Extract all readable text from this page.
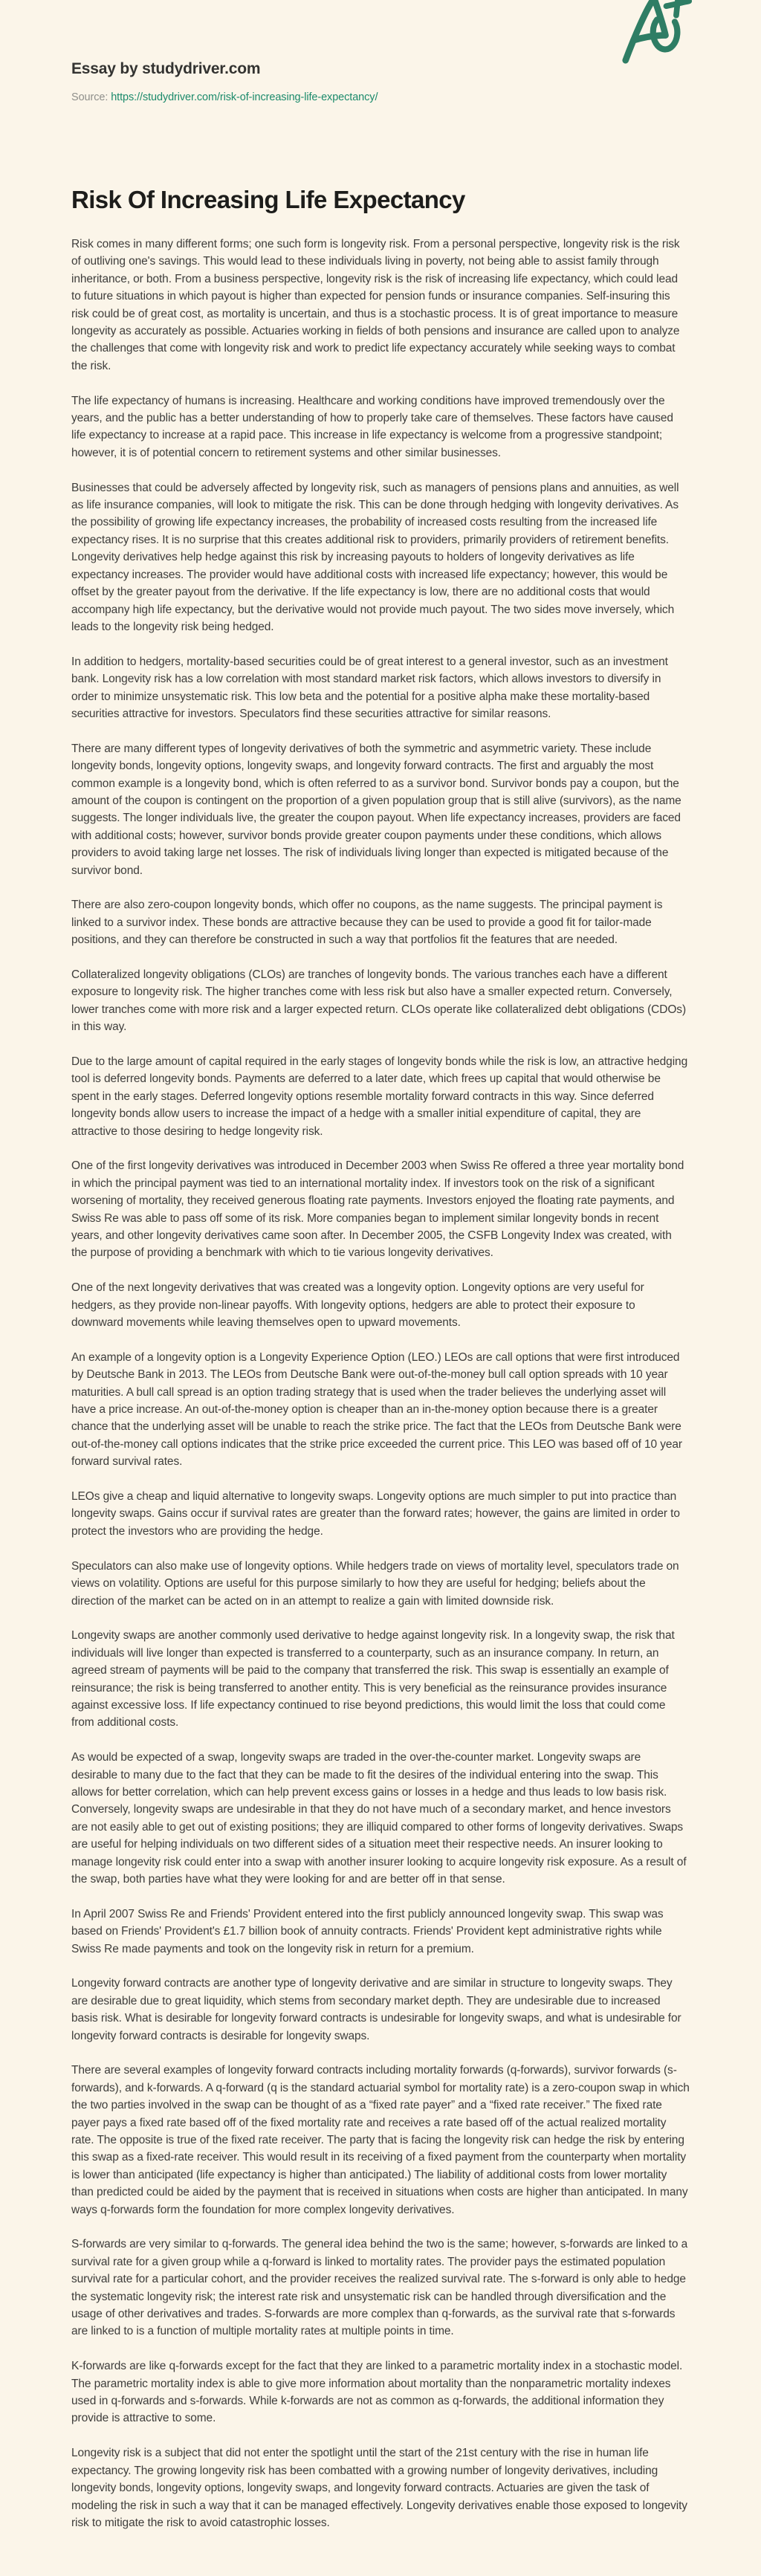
Essay by studydriver.com
Source: https://studydriver.com/risk-of-increasing-life-expectancy/
Risk Of Increasing Life Expectancy

Risk comes in many different forms; one such form is longevity risk. From a personal perspective, longevity risk is the risk of outliving one's savings. This would lead to these individuals living in poverty, not being able to assist family through inheritance, or both. From a business perspective, longevity risk is the risk of increasing life expectancy, which could lead to future situations in which payout is higher than expected for pension funds or insurance companies. Self-insuring this risk could be of great cost, as mortality is uncertain, and thus is a stochastic process. It is of great importance to measure longevity as accurately as possible. Actuaries working in fields of both pensions and insurance are called upon to analyze the challenges that come with longevity risk and work to predict life expectancy accurately while seeking ways to combat the risk.

The life expectancy of humans is increasing. Healthcare and working conditions have improved tremendously over the years, and the public has a better understanding of how to properly take care of themselves. These factors have caused life expectancy to increase at a rapid pace. This increase in life expectancy is welcome from a progressive standpoint; however, it is of potential concern to retirement systems and other similar businesses.

Businesses that could be adversely affected by longevity risk, such as managers of pensions plans and annuities, as well as life insurance companies, will look to mitigate the risk. This can be done through hedging with longevity derivatives. As the possibility of growing life expectancy increases, the probability of increased costs resulting from the increased life expectancy rises. It is no surprise that this creates additional risk to providers, primarily providers of retirement benefits. Longevity derivatives help hedge against this risk by increasing payouts to holders of longevity derivatives as life expectancy increases. The provider would have additional costs with increased life expectancy; however, this would be offset by the greater payout from the derivative. If the life expectancy is low, there are no additional costs that would accompany high life expectancy, but the derivative would not provide much payout. The two sides move inversely, which leads to the longevity risk being hedged.

In addition to hedgers, mortality-based securities could be of great interest to a general investor, such as an investment bank. Longevity risk has a low correlation with most standard market risk factors, which allows investors to diversify in order to minimize unsystematic risk. This low beta and the potential for a positive alpha make these mortality-based securities attractive for investors. Speculators find these securities attractive for similar reasons.

There are many different types of longevity derivatives of both the symmetric and asymmetric variety. These include longevity bonds, longevity options, longevity swaps, and longevity forward contracts. The first and arguably the most common example is a longevity bond, which is often referred to as a survivor bond. Survivor bonds pay a coupon, but the amount of the coupon is contingent on the proportion of a given population group that is still alive (survivors), as the name suggests. The longer individuals live, the greater the coupon payout. When life expectancy increases, providers are faced with additional costs; however, survivor bonds provide greater coupon payments under these conditions, which allows providers to avoid taking large net losses. The risk of individuals living longer than expected is mitigated because of the survivor bond.

There are also zero-coupon longevity bonds, which offer no coupons, as the name suggests. The principal payment is linked to a survivor index. These bonds are attractive because they can be used to provide a good fit for tailor-made positions, and they can therefore be constructed in such a way that portfolios fit the features that are needed.

Collateralized longevity obligations (CLOs) are tranches of longevity bonds. The various tranches each have a different exposure to longevity risk. The higher tranches come with less risk but also have a smaller expected return. Conversely, lower tranches come with more risk and a larger expected return. CLOs operate like collateralized debt obligations (CDOs) in this way.

Due to the large amount of capital required in the early stages of longevity bonds while the risk is low, an attractive hedging tool is deferred longevity bonds. Payments are deferred to a later date, which frees up capital that would otherwise be spent in the early stages. Deferred longevity options resemble mortality forward contracts in this way. Since deferred longevity bonds allow users to increase the impact of a hedge with a smaller initial expenditure of capital, they are attractive to those desiring to hedge longevity risk.

One of the first longevity derivatives was introduced in December 2003 when Swiss Re offered a three year mortality bond in which the principal payment was tied to an international mortality index. If investors took on the risk of a significant worsening of mortality, they received generous floating rate payments. Investors enjoyed the floating rate payments, and Swiss Re was able to pass off some of its risk. More companies began to implement similar longevity bonds in recent years, and other longevity derivatives came soon after. In December 2005, the CSFB Longevity Index was created, with the purpose of providing a benchmark with which to tie various longevity derivatives.

One of the next longevity derivatives that was created was a longevity option. Longevity options are very useful for hedgers, as they provide non-linear payoffs. With longevity options, hedgers are able to protect their exposure to downward movements while leaving themselves open to upward movements.

An example of a longevity option is a Longevity Experience Option (LEO.) LEOs are call options that were first introduced by Deutsche Bank in 2013. The LEOs from Deutsche Bank were out-of-the-money bull call option spreads with 10 year maturities. A bull call spread is an option trading strategy that is used when the trader believes the underlying asset will have a price increase. An out-of-the-money option is cheaper than an in-the-money option because there is a greater chance that the underlying asset will be unable to reach the strike price. The fact that the LEOs from Deutsche Bank were out-of-the-money call options indicates that the strike price exceeded the current price. This LEO was based off of 10 year forward survival rates.

LEOs give a cheap and liquid alternative to longevity swaps. Longevity options are much simpler to put into practice than longevity swaps. Gains occur if survival rates are greater than the forward rates; however, the gains are limited in order to protect the investors who are providing the hedge.

Speculators can also make use of longevity options. While hedgers trade on views of mortality level, speculators trade on views on volatility. Options are useful for this purpose similarly to how they are useful for hedging; beliefs about the direction of the market can be acted on in an attempt to realize a gain with limited downside risk.

Longevity swaps are another commonly used derivative to hedge against longevity risk. In a longevity swap, the risk that individuals will live longer than expected is transferred to a counterparty, such as an insurance company. In return, an agreed stream of payments will be paid to the company that transferred the risk. This swap is essentially an example of reinsurance; the risk is being transferred to another entity. This is very beneficial as the reinsurance provides insurance against excessive loss. If life expectancy continued to rise beyond predictions, this would limit the loss that could come from additional costs.

As would be expected of a swap, longevity swaps are traded in the over-the-counter market. Longevity swaps are desirable to many due to the fact that they can be made to fit the desires of the individual entering into the swap. This allows for better correlation, which can help prevent excess gains or losses in a hedge and thus leads to low basis risk. Conversely, longevity swaps are undesirable in that they do not have much of a secondary market, and hence investors are not easily able to get out of existing positions; they are illiquid compared to other forms of longevity derivatives. Swaps are useful for helping individuals on two different sides of a situation meet their respective needs. An insurer looking to manage longevity risk could enter into a swap with another insurer looking to acquire longevity risk exposure. As a result of the swap, both parties have what they were looking for and are better off in that sense.

In April 2007 Swiss Re and Friends' Provident entered into the first publicly announced longevity swap. This swap was based on Friends' Provident's £1.7 billion book of annuity contracts. Friends' Provident kept administrative rights while Swiss Re made payments and took on the longevity risk in return for a premium.

Longevity forward contracts are another type of longevity derivative and are similar in structure to longevity swaps. They are desirable due to great liquidity, which stems from secondary market depth. They are undesirable due to increased basis risk. What is desirable for longevity forward contracts is undesirable for longevity swaps, and what is undesirable for longevity forward contracts is desirable for longevity swaps.

There are several examples of longevity forward contracts including mortality forwards (q-forwards), survivor forwards (s-forwards), and k-forwards. A q-forward (q is the standard actuarial symbol for mortality rate) is a zero-coupon swap in which the two parties involved in the swap can be thought of as a “fixed rate payer” and a “fixed rate receiver.” The fixed rate payer pays a fixed rate based off of the fixed mortality rate and receives a rate based off of the actual realized mortality rate. The opposite is true of the fixed rate receiver. The party that is facing the longevity risk can hedge the risk by entering this swap as a fixed-rate receiver. This would result in its receiving of a fixed payment from the counterparty when mortality is lower than anticipated (life expectancy is higher than anticipated.) The liability of additional costs from lower mortality than predicted could be aided by the payment that is received in situations when costs are higher than anticipated. In many ways q-forwards form the foundation for more complex longevity derivatives.

S-forwards are very similar to q-forwards. The general idea behind the two is the same; however, s-forwards are linked to a survival rate for a given group while a q-forward is linked to mortality rates. The provider pays the estimated population survival rate for a particular cohort, and the provider receives the realized survival rate. The s-forward is only able to hedge the systematic longevity risk; the interest rate risk and unsystematic risk can be handled through diversification and the usage of other derivatives and trades. S-forwards are more complex than q-forwards, as the survival rate that s-forwards are linked to is a function of multiple mortality rates at multiple points in time.

K-forwards are like q-forwards except for the fact that they are linked to a parametric mortality index in a stochastic model. The parametric mortality index is able to give more information about mortality than the nonparametric mortality indexes used in q-forwards and s-forwards. While k-forwards are not as common as q-forwards, the additional information they provide is attractive to some.

Longevity risk is a subject that did not enter the spotlight until the start of the 21st century with the rise in human life expectancy. The growing longevity risk has been combatted with a growing number of longevity derivatives, including longevity bonds, longevity options, longevity swaps, and longevity forward contracts. Actuaries are given the task of modeling the risk in such a way that it can be managed effectively. Longevity derivatives enable those exposed to longevity risk to mitigate the risk to avoid catastrophic losses.
